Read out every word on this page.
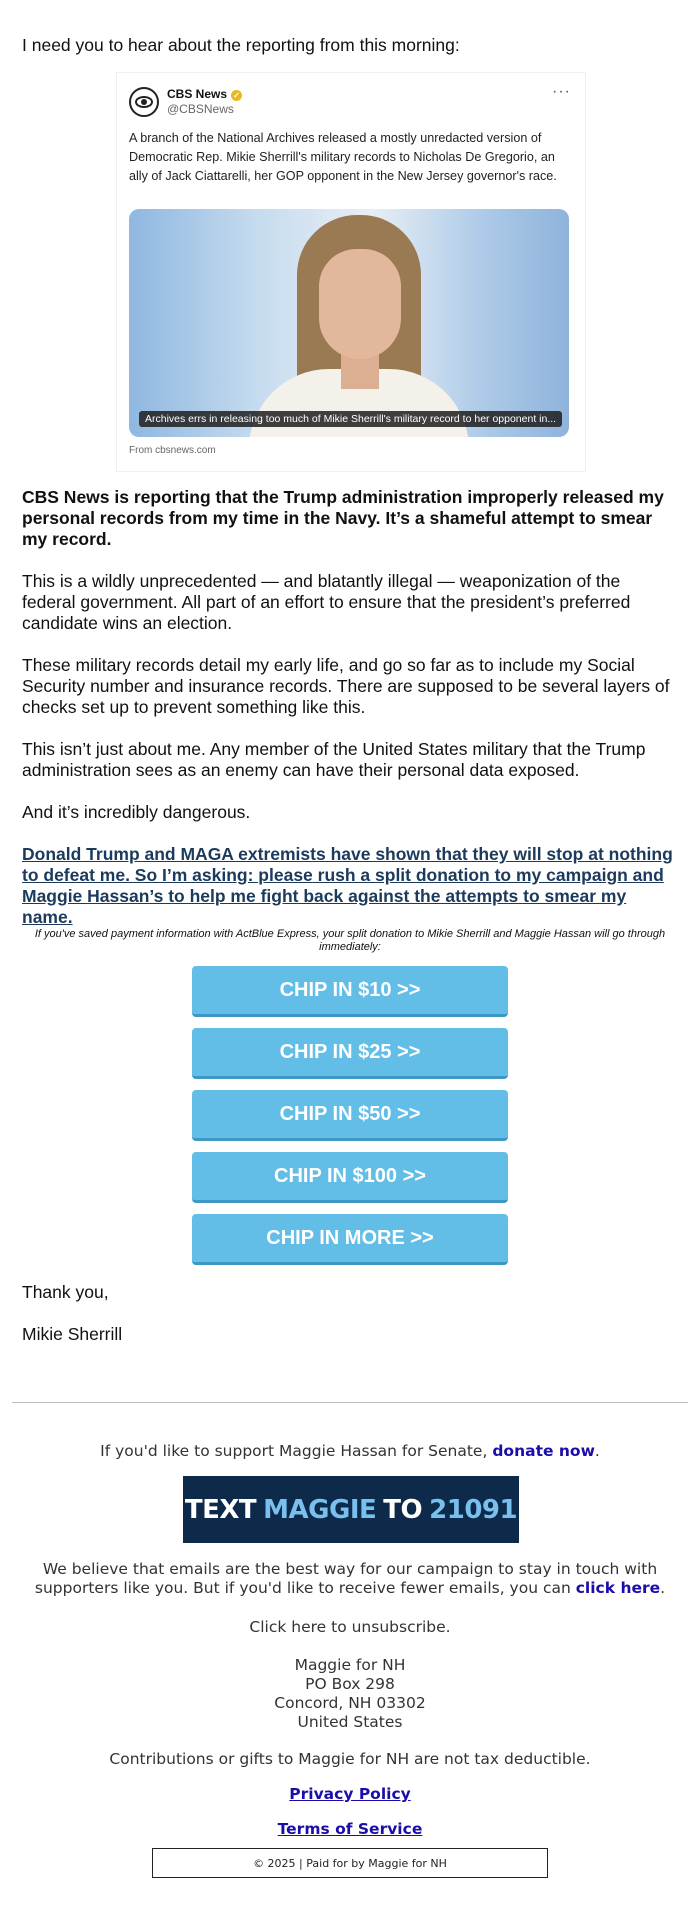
I need you to hear about the reporting from this morning:

CBS News ✓
@CBSNews
···
A branch of the National Archives released a mostly unredacted version of Democratic Rep. Mikie Sherrill's military records to Nicholas De Gregorio, an ally of Jack Ciattarelli, her GOP opponent in the New Jersey governor's race.
Archives errs in releasing too much of Mikie Sherrill's military record to her opponent in...
From cbsnews.com

CBS News is reporting that the Trump administration improperly released my personal records from my time in the Navy. It’s a shameful attempt to smear my record.

This is a wildly unprecedented — and blatantly illegal — weaponization of the federal government. All part of an effort to ensure that the president’s preferred candidate wins an election.

These military records detail my early life, and go so far as to include my Social Security number and insurance records. There are supposed to be several layers of checks set up to prevent something like this.

This isn’t just about me. Any member of the United States military that the Trump administration sees as an enemy can have their personal data exposed.

And it’s incredibly dangerous.

Donald Trump and MAGA extremists have shown that they will stop at nothing to defeat me. So I’m asking: please rush a split donation to my campaign and Maggie Hassan’s to help me fight back against the attempts to smear my name.
If you've saved payment information with ActBlue Express, your split donation to Mikie Sherrill and Maggie Hassan will go through immediately:
CHIP IN $10 >>
CHIP IN $25 >>
CHIP IN $50 >>
CHIP IN $100 >>
CHIP IN MORE >>

Thank you,

Mikie Sherrill

If you'd like to support Maggie Hassan for Senate, donate now.
TEXT MAGGIE TO 21091
We believe that emails are the best way for our campaign to stay in touch with supporters like you. But if you'd like to receive fewer emails, you can click here.
Click here to unsubscribe.
Maggie for NH
PO Box 298
Concord, NH 03302
United States
Contributions or gifts to Maggie for NH are not tax deductible.
Privacy Policy
Terms of Service
© 2025 | Paid for by Maggie for NH
